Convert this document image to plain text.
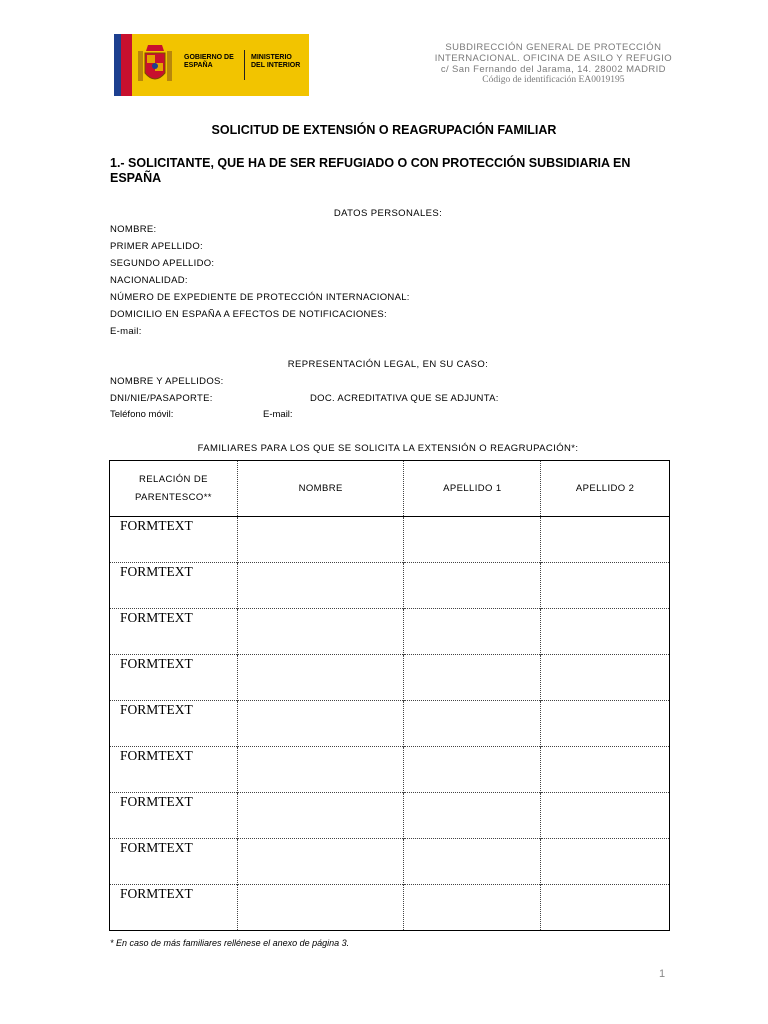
GOBIERNO DE ESPAÑA
MINISTERIO DEL INTERIOR
SUBDIRECCIÓN GENERAL DE PROTECCIÓN
INTERNACIONAL. OFICINA DE ASILO Y REFUGIO
c/ San Fernando del Jarama, 14. 28002 MADRID
Código de identificación EA0019195
SOLICITUD DE EXTENSIÓN O REAGRUPACIÓN FAMILIAR
1.- SOLICITANTE, QUE HA DE SER REFUGIADO O CON PROTECCIÓN SUBSIDIARIA EN ESPAÑA
DATOS PERSONALES:
NOMBRE:
PRIMER APELLIDO:
SEGUNDO APELLIDO:
NACIONALIDAD:
NÚMERO DE EXPEDIENTE DE PROTECCIÓN INTERNACIONAL:
DOMICILIO EN ESPAÑA A EFECTOS DE NOTIFICACIONES:
E-mail:
REPRESENTACIÓN LEGAL, EN SU CASO:
NOMBRE Y APELLIDOS:
DNI/NIE/PASAPORTE:	DOC. ACREDITATIVA QUE SE ADJUNTA:
Teléfono móvil:	E-mail:
FAMILIARES PARA LOS QUE SE SOLICITA LA EXTENSIÓN O REAGRUPACIÓN*:
RELACIÓN DE PARENTESCO**	NOMBRE	APELLIDO 1	APELLIDO 2

FORMTEXT			

FORMTEXT			

FORMTEXT			

FORMTEXT			

FORMTEXT			

FORMTEXT			

FORMTEXT			

FORMTEXT			

FORMTEXT			

* En caso de más familiares rellénese el anexo de página 3.
1
